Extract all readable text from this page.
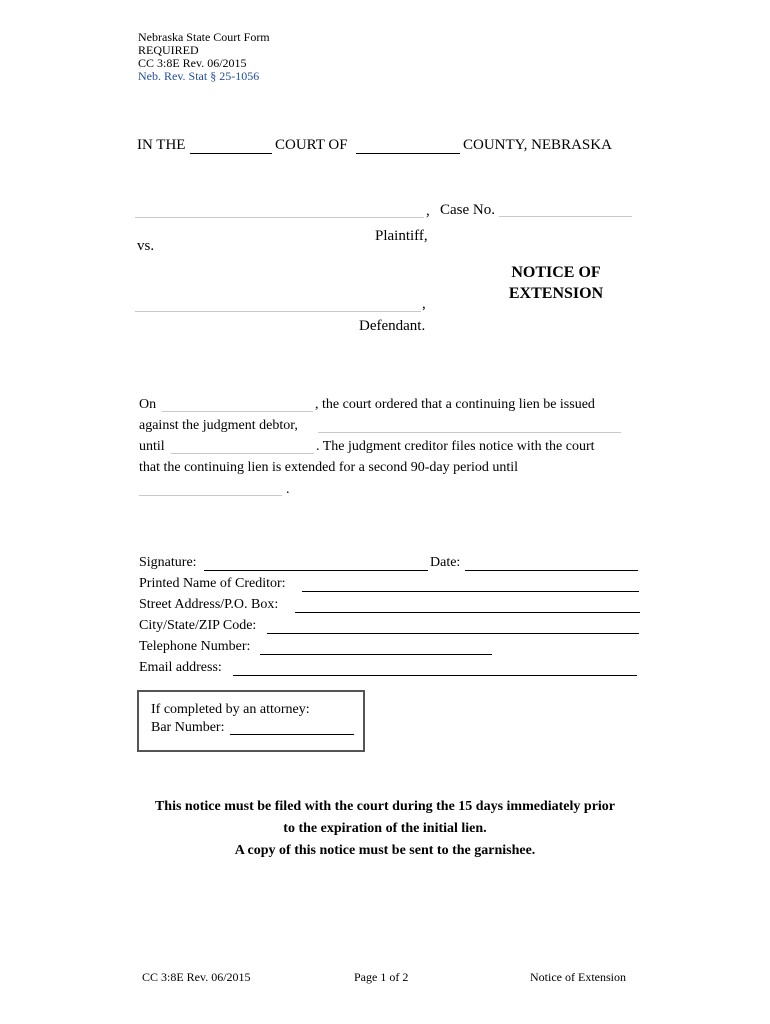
Nebraska State Court Form
REQUIRED
CC 3:8E Rev. 06/2015
Neb. Rev. Stat § 25-1056
IN THE	COURT OF	COUNTY, NEBRASKA
, Case No.
Plaintiff,
vs.
NOTICE OF
EXTENSION
,
Defendant.
On	, the court ordered that a continuing lien be issued
against the judgment debtor,
until	. The judgment creditor files notice with the court
that the continuing lien is extended for a second 90-day period until
.
Signature:	Date:
Printed Name of Creditor:
Street Address/P.O. Box:
City/State/ZIP Code:
Telephone Number:
Email address:
If completed by an attorney:
Bar Number:
This notice must be filed with the court during the 15 days immediately prior
to the expiration of the initial lien.
A copy of this notice must be sent to the garnishee.
CC 3:8E Rev. 06/2015	Page 1 of 2	Notice of Extension
